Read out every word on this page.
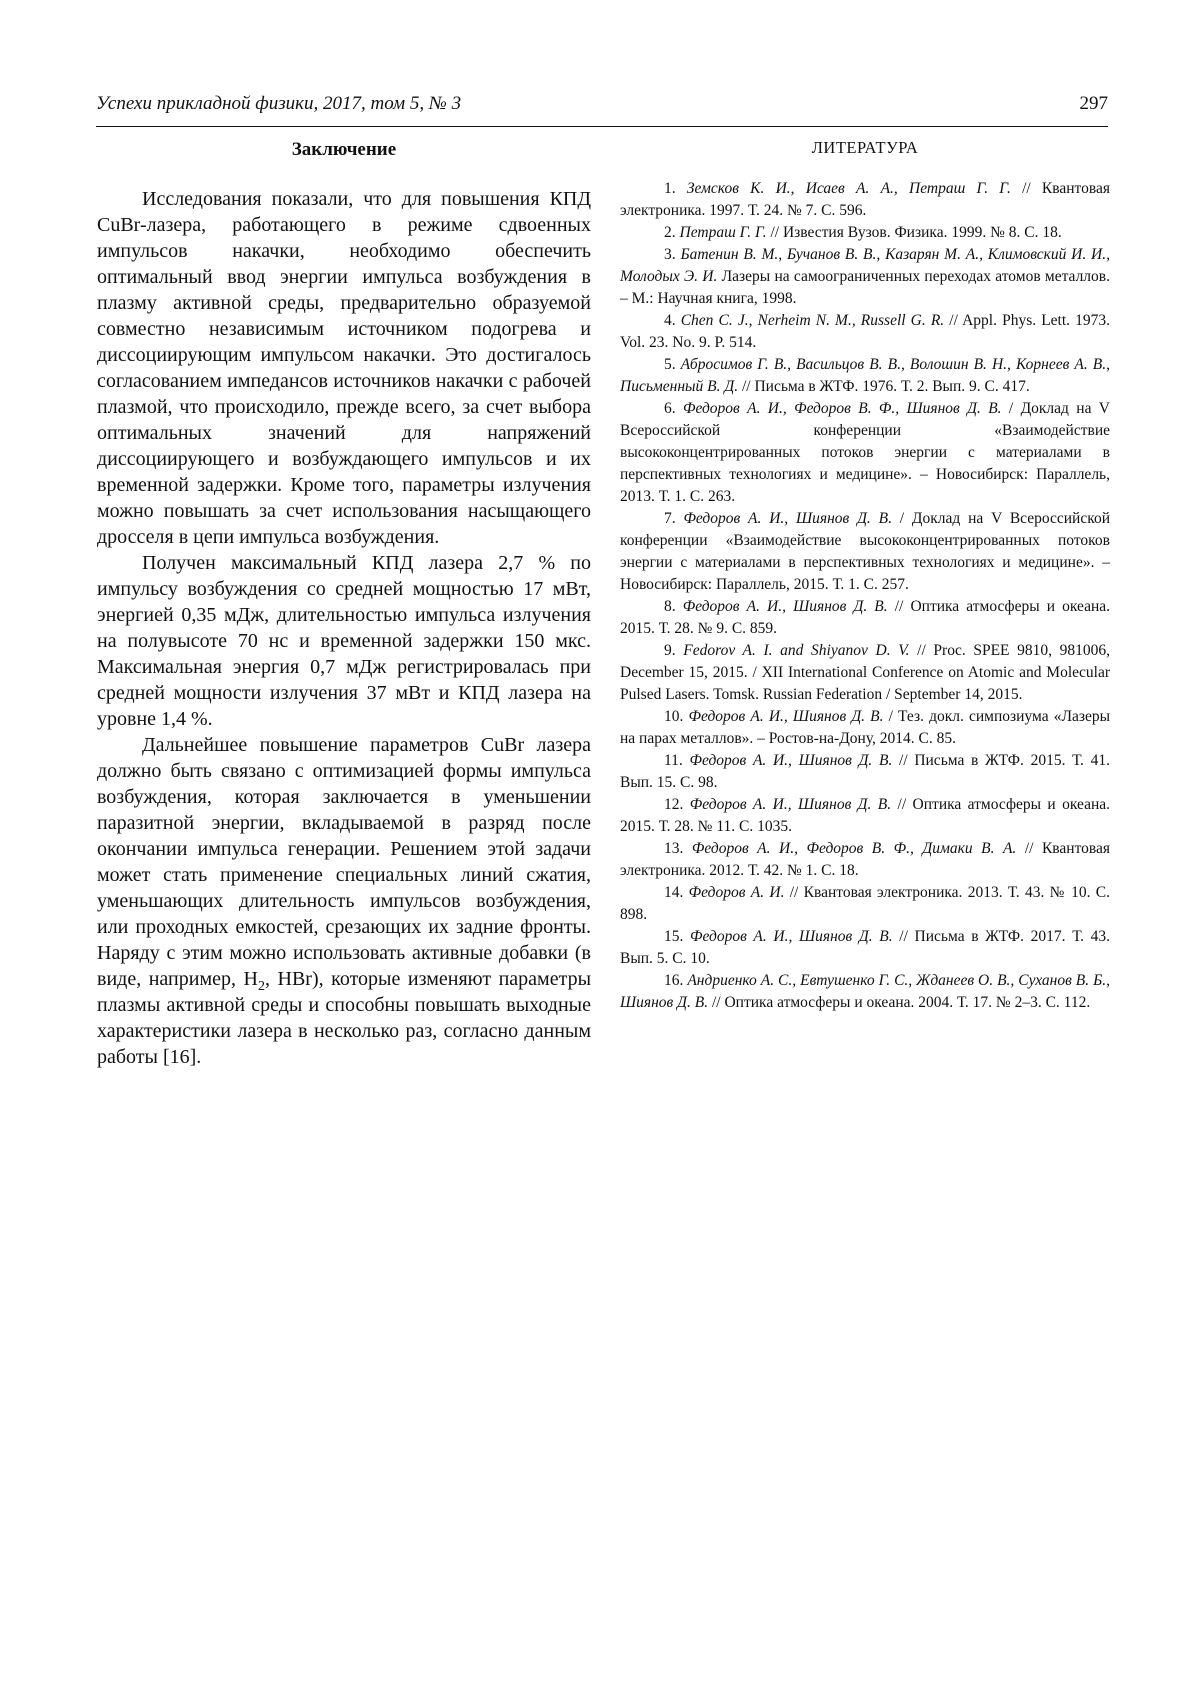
Успехи прикладной физики, 2017, том 5, № 3	297
Заключение

Исследования показали, что для повышения КПД CuBr-лазера, работающего в режиме сдвоенных импульсов накачки, необходимо обеспечить оптимальный ввод энергии импульса возбуждения в плазму активной среды, предварительно образуемой совместно независимым источником подогрева и диссоциирующим импульсом накачки. Это достигалось согласованием импедансов источников накачки с рабочей плазмой, что происходило, прежде всего, за счет выбора оптимальных значений для напряжений диссоциирующего и возбуждающего импульсов и их временной задержки. Кроме того, параметры излучения можно повышать за счет использования насыщающего дросселя в цепи импульса возбуждения.

Получен максимальный КПД лазера 2,7 % по импульсу возбуждения со средней мощностью 17 мВт, энергией 0,35 мДж, длительностью импульса излучения на полувысоте 70 нс и временной задержки 150 мкс. Максимальная энергия 0,7 мДж регистрировалась при средней мощности излучения 37 мВт и КПД лазера на уровне 1,4 %.

Дальнейшее повышение параметров CuBr лазера должно быть связано с оптимизацией формы импульса возбуждения, которая заключается в уменьшении паразитной энергии, вкладываемой в разряд после окончании импульса генерации. Решением этой задачи может стать применение специальных линий сжатия, уменьшающих длительность импульсов возбуждения, или проходных емкостей, срезающих их задние фронты. Наряду с этим можно использовать активные добавки (в виде, например, $H_2$, HBr), которые изменяют параметры плазмы активной среды и способны повышать выходные характеристики лазера в несколько раз, согласно данным работы [16].

ЛИТЕРАТУРА

1. Земсков К. И., Исаев А. А., Петраш Г. Г. // Квантовая электроника. 1997. Т. 24. № 7. С. 596.

2. Петраш Г. Г. // Известия Вузов. Физика. 1999. № 8. С. 18.

3. Батенин В. М., Бучанов В. В., Казарян М. А., Климовский И. И., Молодых Э. И. Лазеры на самоограниченных переходах атомов металлов. – М.: Научная книга, 1998.

4. Chen C. J., Nerheim N. M., Russell G. R. // Appl. Phys. Lett. 1973. Vol. 23. No. 9. P. 514.

5. Абросимов Г. В., Васильцов В. В., Волошин В. Н., Корнеев А. В., Письменный В. Д. // Письма в ЖТФ. 1976. Т. 2. Вып. 9. С. 417.

6. Федоров А. И., Федоров В. Ф., Шиянов Д. В. / Доклад на V Всероссийской конференции «Взаимодействие высококонцентрированных потоков энергии с материалами в перспективных технологиях и медицине». – Новосибирск: Параллель, 2013. Т. 1. С. 263.

7. Федоров А. И., Шиянов Д. В. / Доклад на V Всероссийской конференции «Взаимодействие высококонцентрированных потоков энергии с материалами в перспективных технологиях и медицине». – Новосибирск: Параллель, 2015. Т. 1. С. 257.

8. Федоров А. И., Шиянов Д. В. // Оптика атмосферы и океана. 2015. Т. 28. № 9. С. 859.

9. Fedorov A. I. and Shiyanov D. V. // Proc. SPEE 9810, 981006, December 15, 2015. / XII International Conference on Atomic and Molecular Pulsed Lasers. Tomsk. Russian Federation / September 14, 2015.

10. Федоров А. И., Шиянов Д. В. / Тез. докл. симпозиума «Лазеры на парах металлов». – Ростов-на-Дону, 2014. С. 85.

11. Федоров А. И., Шиянов Д. В. // Письма в ЖТФ. 2015. Т. 41. Вып. 15. С. 98.

12. Федоров А. И., Шиянов Д. В. // Оптика атмосферы и океана. 2015. Т. 28. № 11. С. 1035.

13. Федоров А. И., Федоров В. Ф., Димаки В. А. // Квантовая электроника. 2012. Т. 42. № 1. С. 18.

14. Федоров А. И. // Квантовая электроника. 2013. Т. 43. № 10. С. 898.

15. Федоров А. И., Шиянов Д. В. // Письма в ЖТФ. 2017. Т. 43. Вып. 5. С. 10.

16. Андриенко А. С., Евтушенко Г. С., Жданеев О. В., Суханов В. Б., Шиянов Д. В. // Оптика атмосферы и океана. 2004. Т. 17. № 2–3. С. 112.
